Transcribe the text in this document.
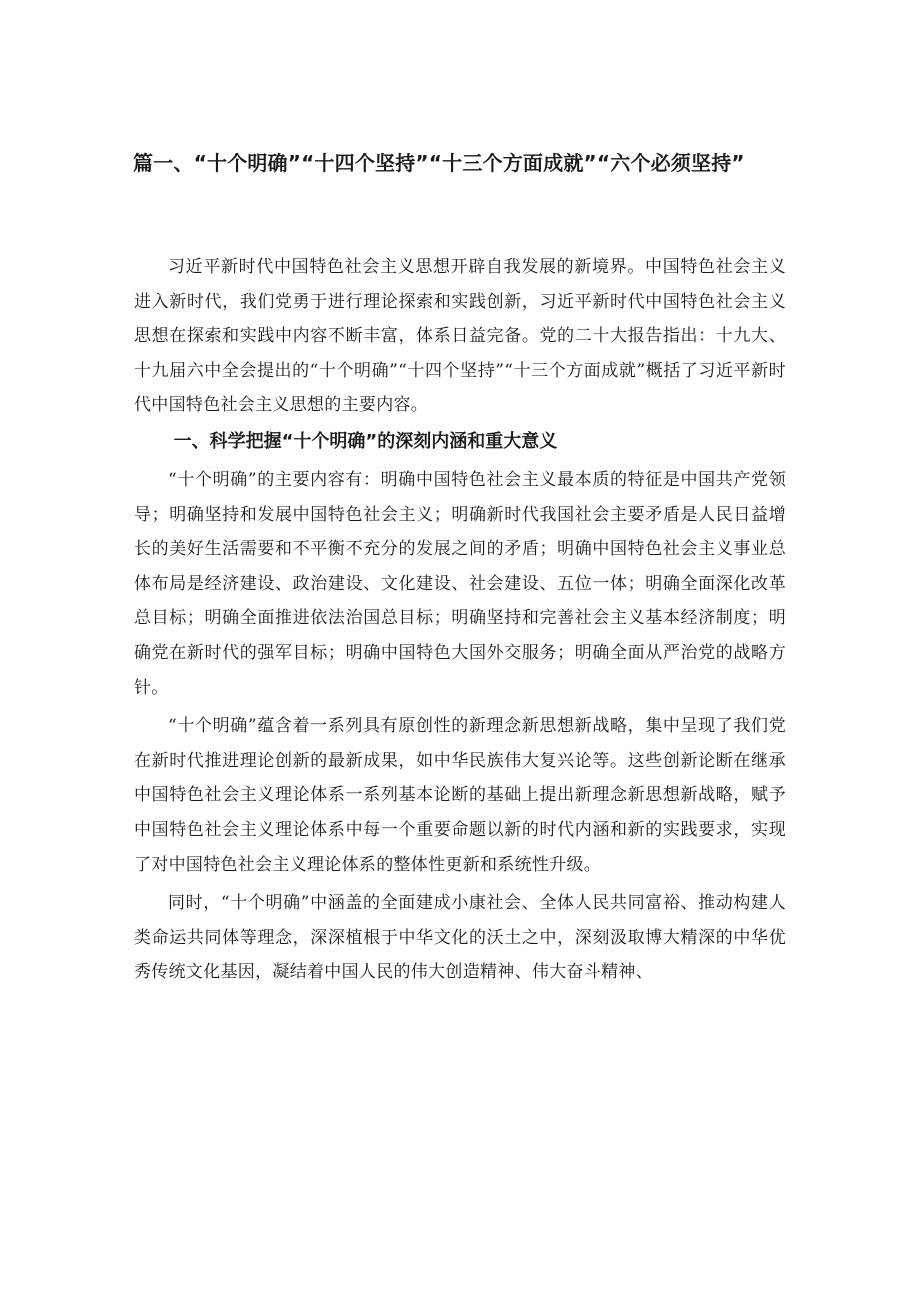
篇一、“十个明确”“十四个坚持”“十三个方面成就”“六个必须坚持”

习近平新时代中国特色社会主义思想开辟自我发展的新境界。中国特色社会主义进入新时代，我们党勇于进行理论探索和实践创新，习近平新时代中国特色社会主义思想在探索和实践中内容不断丰富，体系日益完备。党的二十大报告指出：十九大、十九届六中全会提出的“十个明确”“十四个坚持”“十三个方面成就”概括了习近平新时代中国特色社会主义思想的主要内容。

一、科学把握“十个明确”的深刻内涵和重大意义

“十个明确”的主要内容有：明确中国特色社会主义最本质的特征是中国共产党领导；明确坚持和发展中国特色社会主义；明确新时代我国社会主要矛盾是人民日益增长的美好生活需要和不平衡不充分的发展之间的矛盾；明确中国特色社会主义事业总体布局是经济建设、政治建设、文化建设、社会建设、五位一体；明确全面深化改革总目标；明确全面推进依法治国总目标；明确坚持和完善社会主义基本经济制度；明确党在新时代的强军目标；明确中国特色大国外交服务；明确全面从严治党的战略方针。

“十个明确”蕴含着一系列具有原创性的新理念新思想新战略，集中呈现了我们党在新时代推进理论创新的最新成果，如中华民族伟大复兴论等。这些创新论断在继承中国特色社会主义理论体系一系列基本论断的基础上提出新理念新思想新战略，赋予中国特色社会主义理论体系中每一个重要命题以新的时代内涵和新的实践要求，实现了对中国特色社会主义理论体系的整体性更新和系统性升级。

同时，“十个明确”中涵盖的全面建成小康社会、全体人民共同富裕、推动构建人类命运共同体等理念，深深植根于中华文化的沃土之中，深刻汲取博大精深的中华优秀传统文化基因，凝结着中国人民的伟大创造精神、伟大奋斗精神、
